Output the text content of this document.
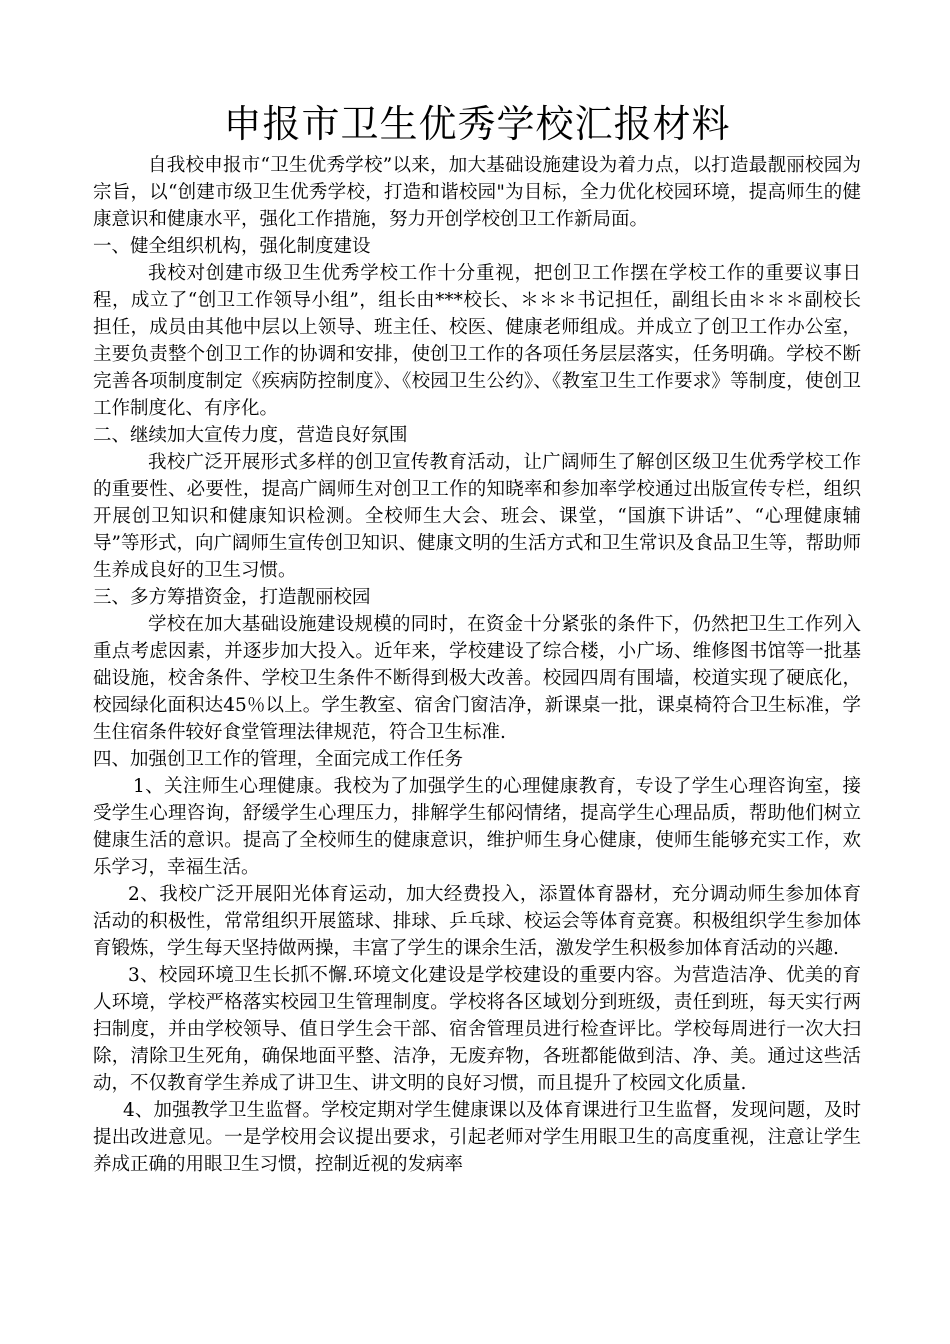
申报市卫生优秀学校汇报材料

自我校申报市“卫生优秀学校”以来，加大基础设施建设为着力点，以打造最靓丽校园为宗旨，以“创建市级卫生优秀学校，打造和谐校园"为目标，全力优化校园环境，提高师生的健康意识和健康水平，强化工作措施，努力开创学校创卫工作新局面。

一、健全组织机构，强化制度建设

我校对创建市级卫生优秀学校工作十分重视，把创卫工作摆在学校工作的重要议事日程，成立了“创卫工作领导小组”，组长由***校长、＊＊＊书记担任，副组长由＊＊＊副校长担任，成员由其他中层以上领导、班主任、校医、健康老师组成。并成立了创卫工作办公室，主要负责整个创卫工作的协调和安排，使创卫工作的各项任务层层落实，任务明确。学校不断完善各项制度制定《疾病防控制度》、《校园卫生公约》、《教室卫生工作要求》等制度，使创卫工作制度化、有序化。

二、继续加大宣传力度，营造良好氛围

我校广泛开展形式多样的创卫宣传教育活动，让广阔师生了解创区级卫生优秀学校工作的重要性、必要性，提高广阔师生对创卫工作的知晓率和参加率学校通过出版宣传专栏，组织开展创卫知识和健康知识检测。全校师生大会、班会、课堂，“国旗下讲话”、“心理健康辅导”等形式，向广阔师生宣传创卫知识、健康文明的生活方式和卫生常识及食品卫生等，帮助师生养成良好的卫生习惯。

三、多方筹措资金，打造靓丽校园

学校在加大基础设施建设规模的同时，在资金十分紧张的条件下，仍然把卫生工作列入重点考虑因素，并逐步加大投入。近年来，学校建设了综合楼，小广场、维修图书馆等一批基础设施，校舍条件、学校卫生条件不断得到极大改善。校园四周有围墙，校道实现了硬底化，校园绿化面积达45％以上。学生教室、宿舍门窗洁净，新课桌一批，课桌椅符合卫生标准，学生住宿条件较好食堂管理法律规范，符合卫生标准.

四、加强创卫工作的管理，全面完成工作任务

1、关注师生心理健康。我校为了加强学生的心理健康教育，专设了学生心理咨询室，接受学生心理咨询，舒缓学生心理压力，排解学生郁闷情绪，提高学生心理品质，帮助他们树立健康生活的意识。提高了全校师生的健康意识，维护师生身心健康，使师生能够充实工作，欢乐学习，幸福生活。

2、我校广泛开展阳光体育运动，加大经费投入，添置体育器材，充分调动师生参加体育活动的积极性，常常组织开展篮球、排球、乒乓球、校运会等体育竞赛。积极组织学生参加体育锻炼，学生每天坚持做两操，丰富了学生的课余生活，激发学生积极参加体育活动的兴趣.

3、校园环境卫生长抓不懈.环境文化建设是学校建设的重要内容。为营造洁净、优美的育人环境，学校严格落实校园卫生管理制度。学校将各区域划分到班级，责任到班，每天实行两扫制度，并由学校领导、值日学生会干部、宿舍管理员进行检查评比。学校每周进行一次大扫除，清除卫生死角，确保地面平整、洁净，无废弃物，各班都能做到洁、净、美。通过这些活动，不仅教育学生养成了讲卫生、讲文明的良好习惯，而且提升了校园文化质量.

4、加强教学卫生监督。学校定期对学生健康课以及体育课进行卫生监督，发现问题，及时提出改进意见。一是学校用会议提出要求，引起老师对学生用眼卫生的高度重视，注意让学生养成正确的用眼卫生习惯，控制近视的发病率
